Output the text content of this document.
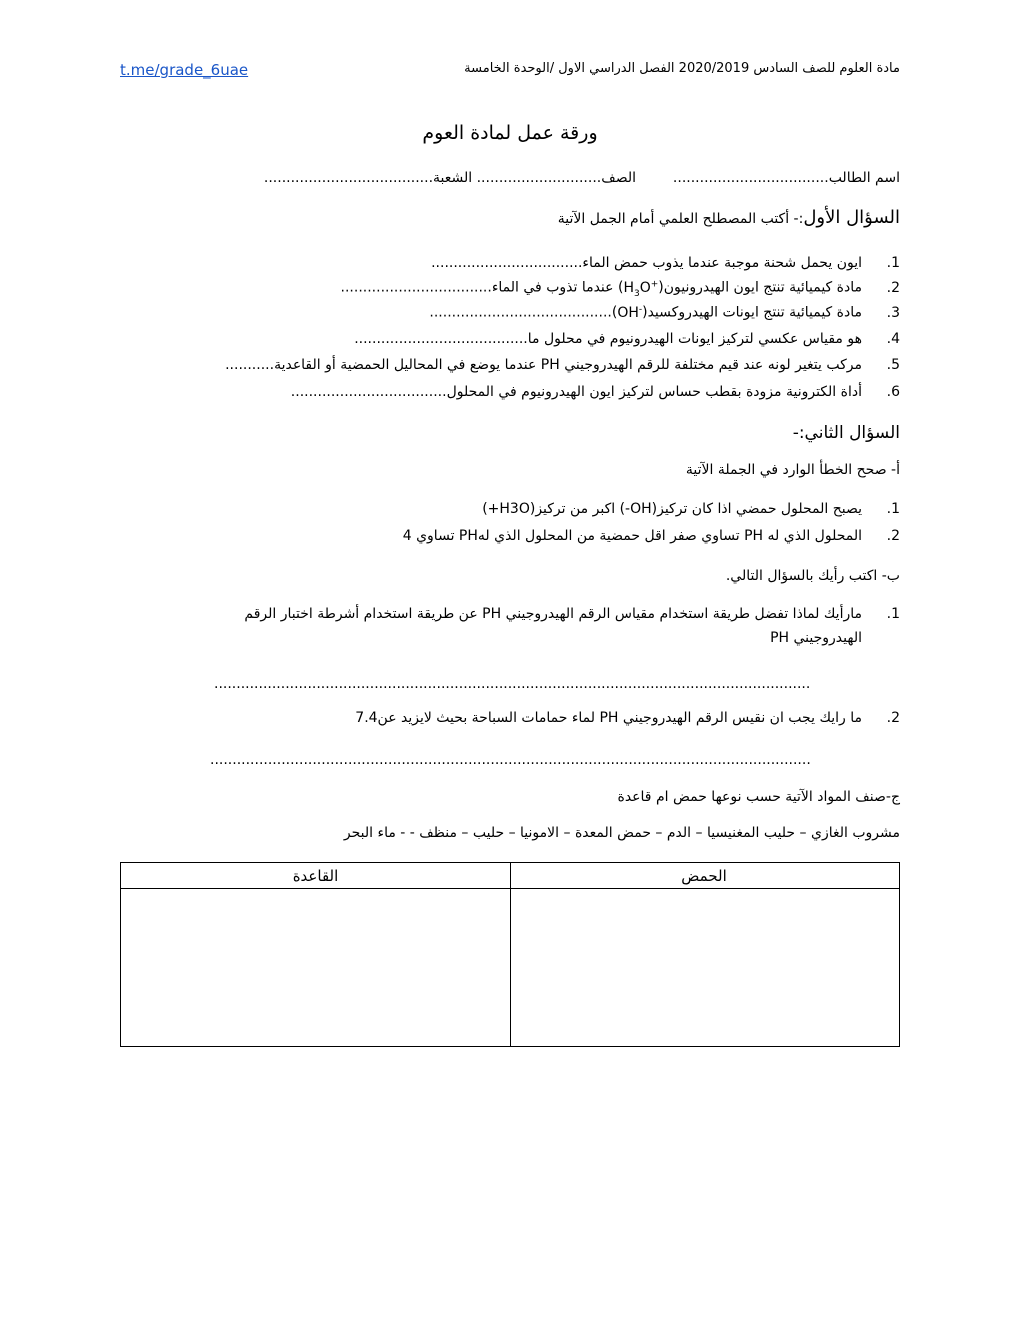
t.me/grade_6uae	مادة العلوم للصف السادس 2020/2019 الفصل الدراسي الاول /الوحدة الخامسة
ورقة عمل لمادة العوم
اسم الطالب...................................  الصف............................ الشعبة......................................
السؤال الأول:- أكتب المصطلح العلمي أمام الجمل الآتية
1.ايون يحمل شحنة موجبة عندما يذوب حمض الماء..................................
2.مادة كيميائية تنتج ايون $الهيدرونيون(H_3O^+)$ عندما تذوب في الماء..................................
3.مادة كيميائية تنتج ايونات الهيدروكسيد(OH-).........................................
4.هو مقياس عكسي لتركيز ايونات الهيدرونيوم في محلول ما.......................................
5.مركب يتغير لونه عند قيم مختلفة للرقم الهيدروجيني PH عندما يوضع في المحاليل الحمضية أو القاعدية...........
6.أداة الكترونية مزودة بقطب حساس لتركيز ايون الهيدرونيوم في المحلول...................................
السؤال الثاني:-
أ- صحح الخطأ الوارد في الجملة الآتية
1.يصبح المحلول حمضي اذا كان تركيز(OH-) اكبر من تركيز(H3O+)
2.المحلول الذي له PH تساوي صفر اقل حمضية من المحلول الذي لهPH تساوي 4
ب- اكتب رأيك بالسؤال التالي.
1.
مارأيك لماذا تفضل طريقة استخدام مقياس الرقم الهيدروجيني PH عن طريقة استخدام أشرطة اختبار الرقم
الهيدروجيني PH
......................................................................................................................................
2.ما رايك يجب ان نقيس الرقم الهيدروجيني PH لماء حمامات السباحة بحيث لايزيد عن7.4
.......................................................................................................................................
ج-صنف المواد الآتية حسب نوعها حمض ام قاعدة
مشروب الغازي – حليب المغنيسيا – الدم – حمض المعدة – الامونيا – حليب – منظف - - ماء البحر
الحمض
القاعدة
